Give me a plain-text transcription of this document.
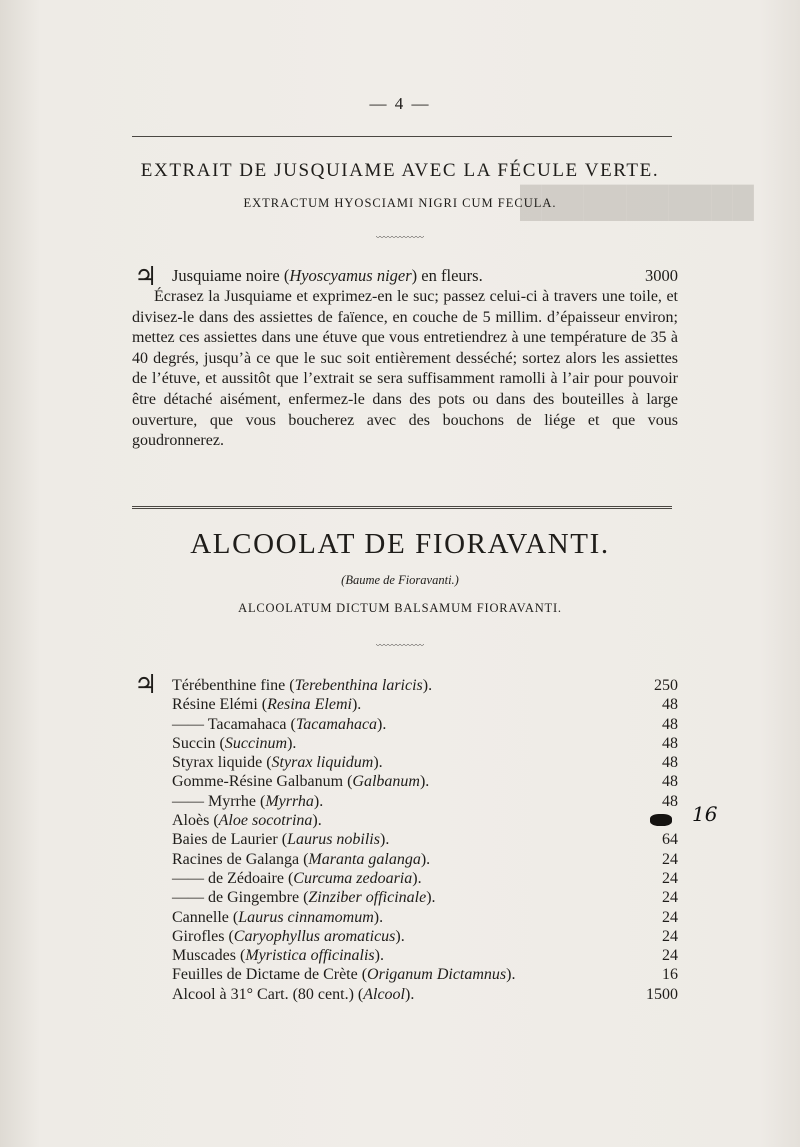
███████████
— 4 —
EXTRAIT DE JUSQUIAME AVEC LA FÉCULE VERTE.
EXTRACTUM HYOSCIAMI NIGRI CUM FECULA.
〰〰〰〰〰〰
♃ Jusquiame noire (Hyoscyamus niger) en fleurs.	3000
Écrasez la Jusquiame et exprimez-en le suc; passez celui-ci à travers une toile, et divisez-le dans des assiettes de faïence, en couche de 5 millim. d’épaisseur environ; mettez ces assiettes dans une étuve que vous entretiendrez à une température de 35 à 40 degrés, jusqu’à ce que le suc soit entièrement desséché; sortez alors les assiettes de l’étuve, et aussitôt que l’extrait se sera suffisamment ramolli à l’air pour pouvoir être détaché aisément, enfermez-le dans des pots ou dans des bouteilles à large ouverture, que vous boucherez avec des bouchons de liége et que vous goudronnerez.
ALCOOLAT DE FIORAVANTI.
(Baume de Fioravanti.)
ALCOOLATUM DICTUM BALSAMUM FIORAVANTI.
〰〰〰〰〰〰
♃ Térébenthine fine (Terebenthina laricis).	250
Résine Elémi (Resina Elemi).	48
—— Tacamahaca (Tacamahaca).	48
Succin (Succinum).	48
Styrax liquide (Styrax liquidum).	48
Gomme-Résine Galbanum (Galbanum).	48
—— Myrrhe (Myrrha).	48
Aloès (Aloe socotrina).	16
Baies de Laurier (Laurus nobilis).	64
Racines de Galanga (Maranta galanga).	24
—— de Zédoaire (Curcuma zedoaria).	24
—— de Gingembre (Zinziber officinale).	24
Cannelle (Laurus cinnamomum).	24
Girofles (Caryophyllus aromaticus).	24
Muscades (Myristica officinalis).	24
Feuilles de Dictame de Crète (Origanum Dictamnus).	16
Alcool à 31° Cart. (80 cent.) (Alcool).	1500
